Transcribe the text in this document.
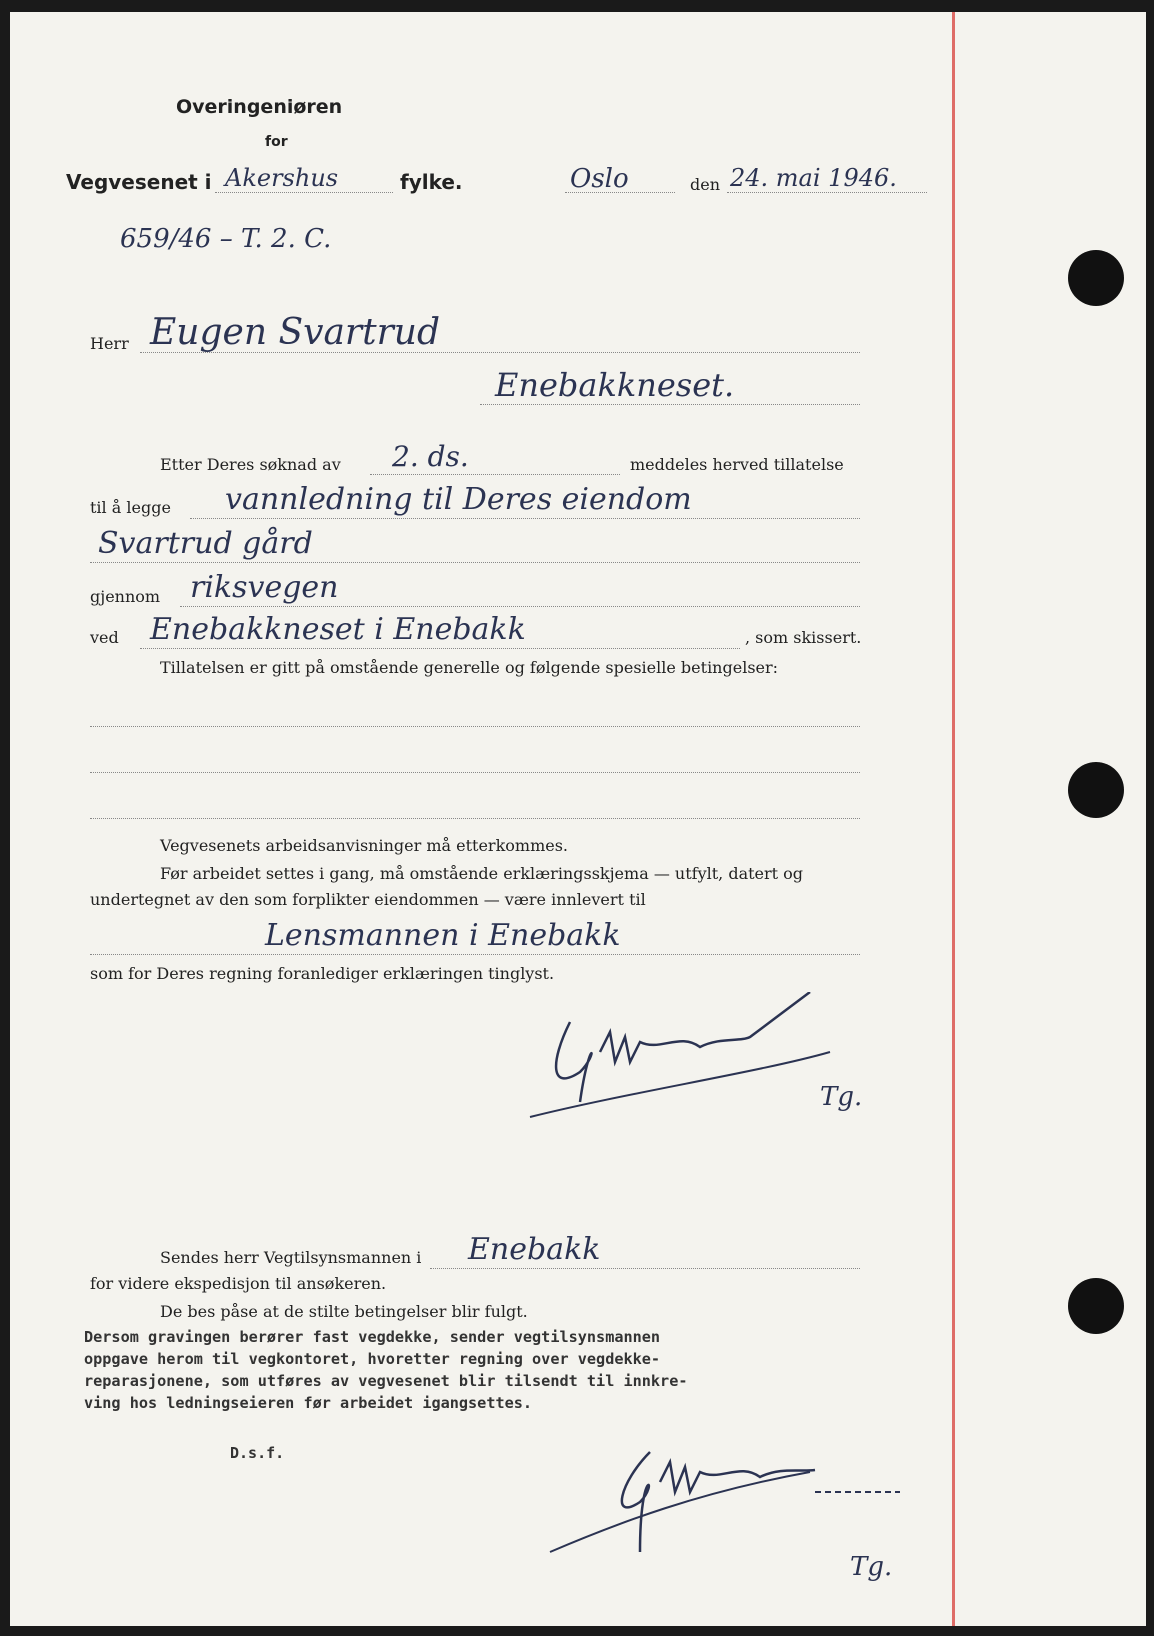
Overingeniøren
for
Vegvesenet i Akershus	fylke.	Oslo	den 24. mai 1946.
659/46 – T. 2. C.
Herr Eugen Svartrud
Enebakkneset.
Etter Deres søknad av 2. ds.	meddeles herved tillatelse
til å legge vannledning til Deres eiendom
Svartrud gård
gjennom riksvegen
ved Enebakkneset i Enebakk	, som skissert.
Tillatelsen er gitt på omstående generelle og følgende spesielle betingelser:
Vegvesenets arbeidsanvisninger må etterkommes.
Før arbeidet settes i gang, må omstående erklæringsskjema — utfylt, datert og
undertegnet av den som forplikter eiendommen — være innlevert til
Lensmannen i Enebakk
som for Deres regning foranlediger erklæringen tinglyst.
Tg.
Sendes herr Vegtilsynsmannen i Enebakk
for videre ekspedisjon til ansøkeren.
De bes påse at de stilte betingelser blir fulgt.
Dersom gravingen berører fast vegdekke, sender vegtilsynsmannen
oppgave herom til vegkontoret, hvoretter regning over vegdekke-
reparasjonene, som utføres av vegvesenet blir tilsendt til innkre-
ving hos ledningseieren før arbeidet igangsettes.
D.s.f.
Tg.
